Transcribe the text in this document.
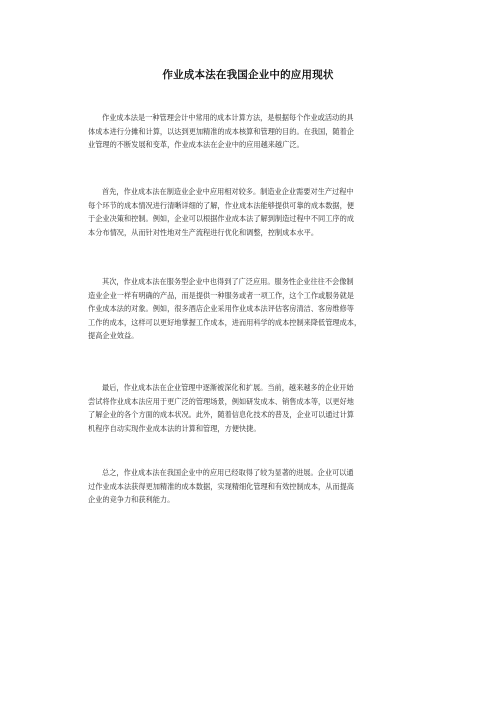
作业成本法在我国企业中的应用现状
作业成本法是一种管理会计中常用的成本计算方法，是根据每个作业或活动的具
体成本进行分摊和计算，以达到更加精准的成本核算和管理的目的。在我国，随着企
业管理的不断发展和变革，作业成本法在企业中的应用越来越广泛。
首先，作业成本法在制造业企业中应用相对较多。制造业企业需要对生产过程中
每个环节的成本情况进行清晰详细的了解，作业成本法能够提供可靠的成本数据，便
于企业决策和控制。例如，企业可以根据作业成本法了解到制造过程中不同工序的成
本分布情况，从而针对性地对生产流程进行优化和调整，控制成本水平。
其次，作业成本法在服务型企业中也得到了广泛应用。服务性企业往往不会像制
造业企业一样有明确的产品，而是提供一种服务或者一项工作，这个工作或服务就是
作业成本法的对象。例如，很多酒店企业采用作业成本法评估客房清洁、客房维修等
工作的成本，这样可以更好地掌握工作成本，进而用科学的成本控制来降低管理成本，
提高企业效益。
最后，作业成本法在企业管理中逐渐被深化和扩展。当前，越来越多的企业开始
尝试将作业成本法应用于更广泛的管理场景，例如研发成本、销售成本等，以更好地
了解企业的各个方面的成本状况。此外，随着信息化技术的普及，企业可以通过计算
机程序自动实现作业成本法的计算和管理，方便快捷。
总之，作业成本法在我国企业中的应用已经取得了较为显著的进展。企业可以通
过作业成本法获得更加精准的成本数据，实现精细化管理和有效控制成本，从而提高
企业的竞争力和获利能力。
